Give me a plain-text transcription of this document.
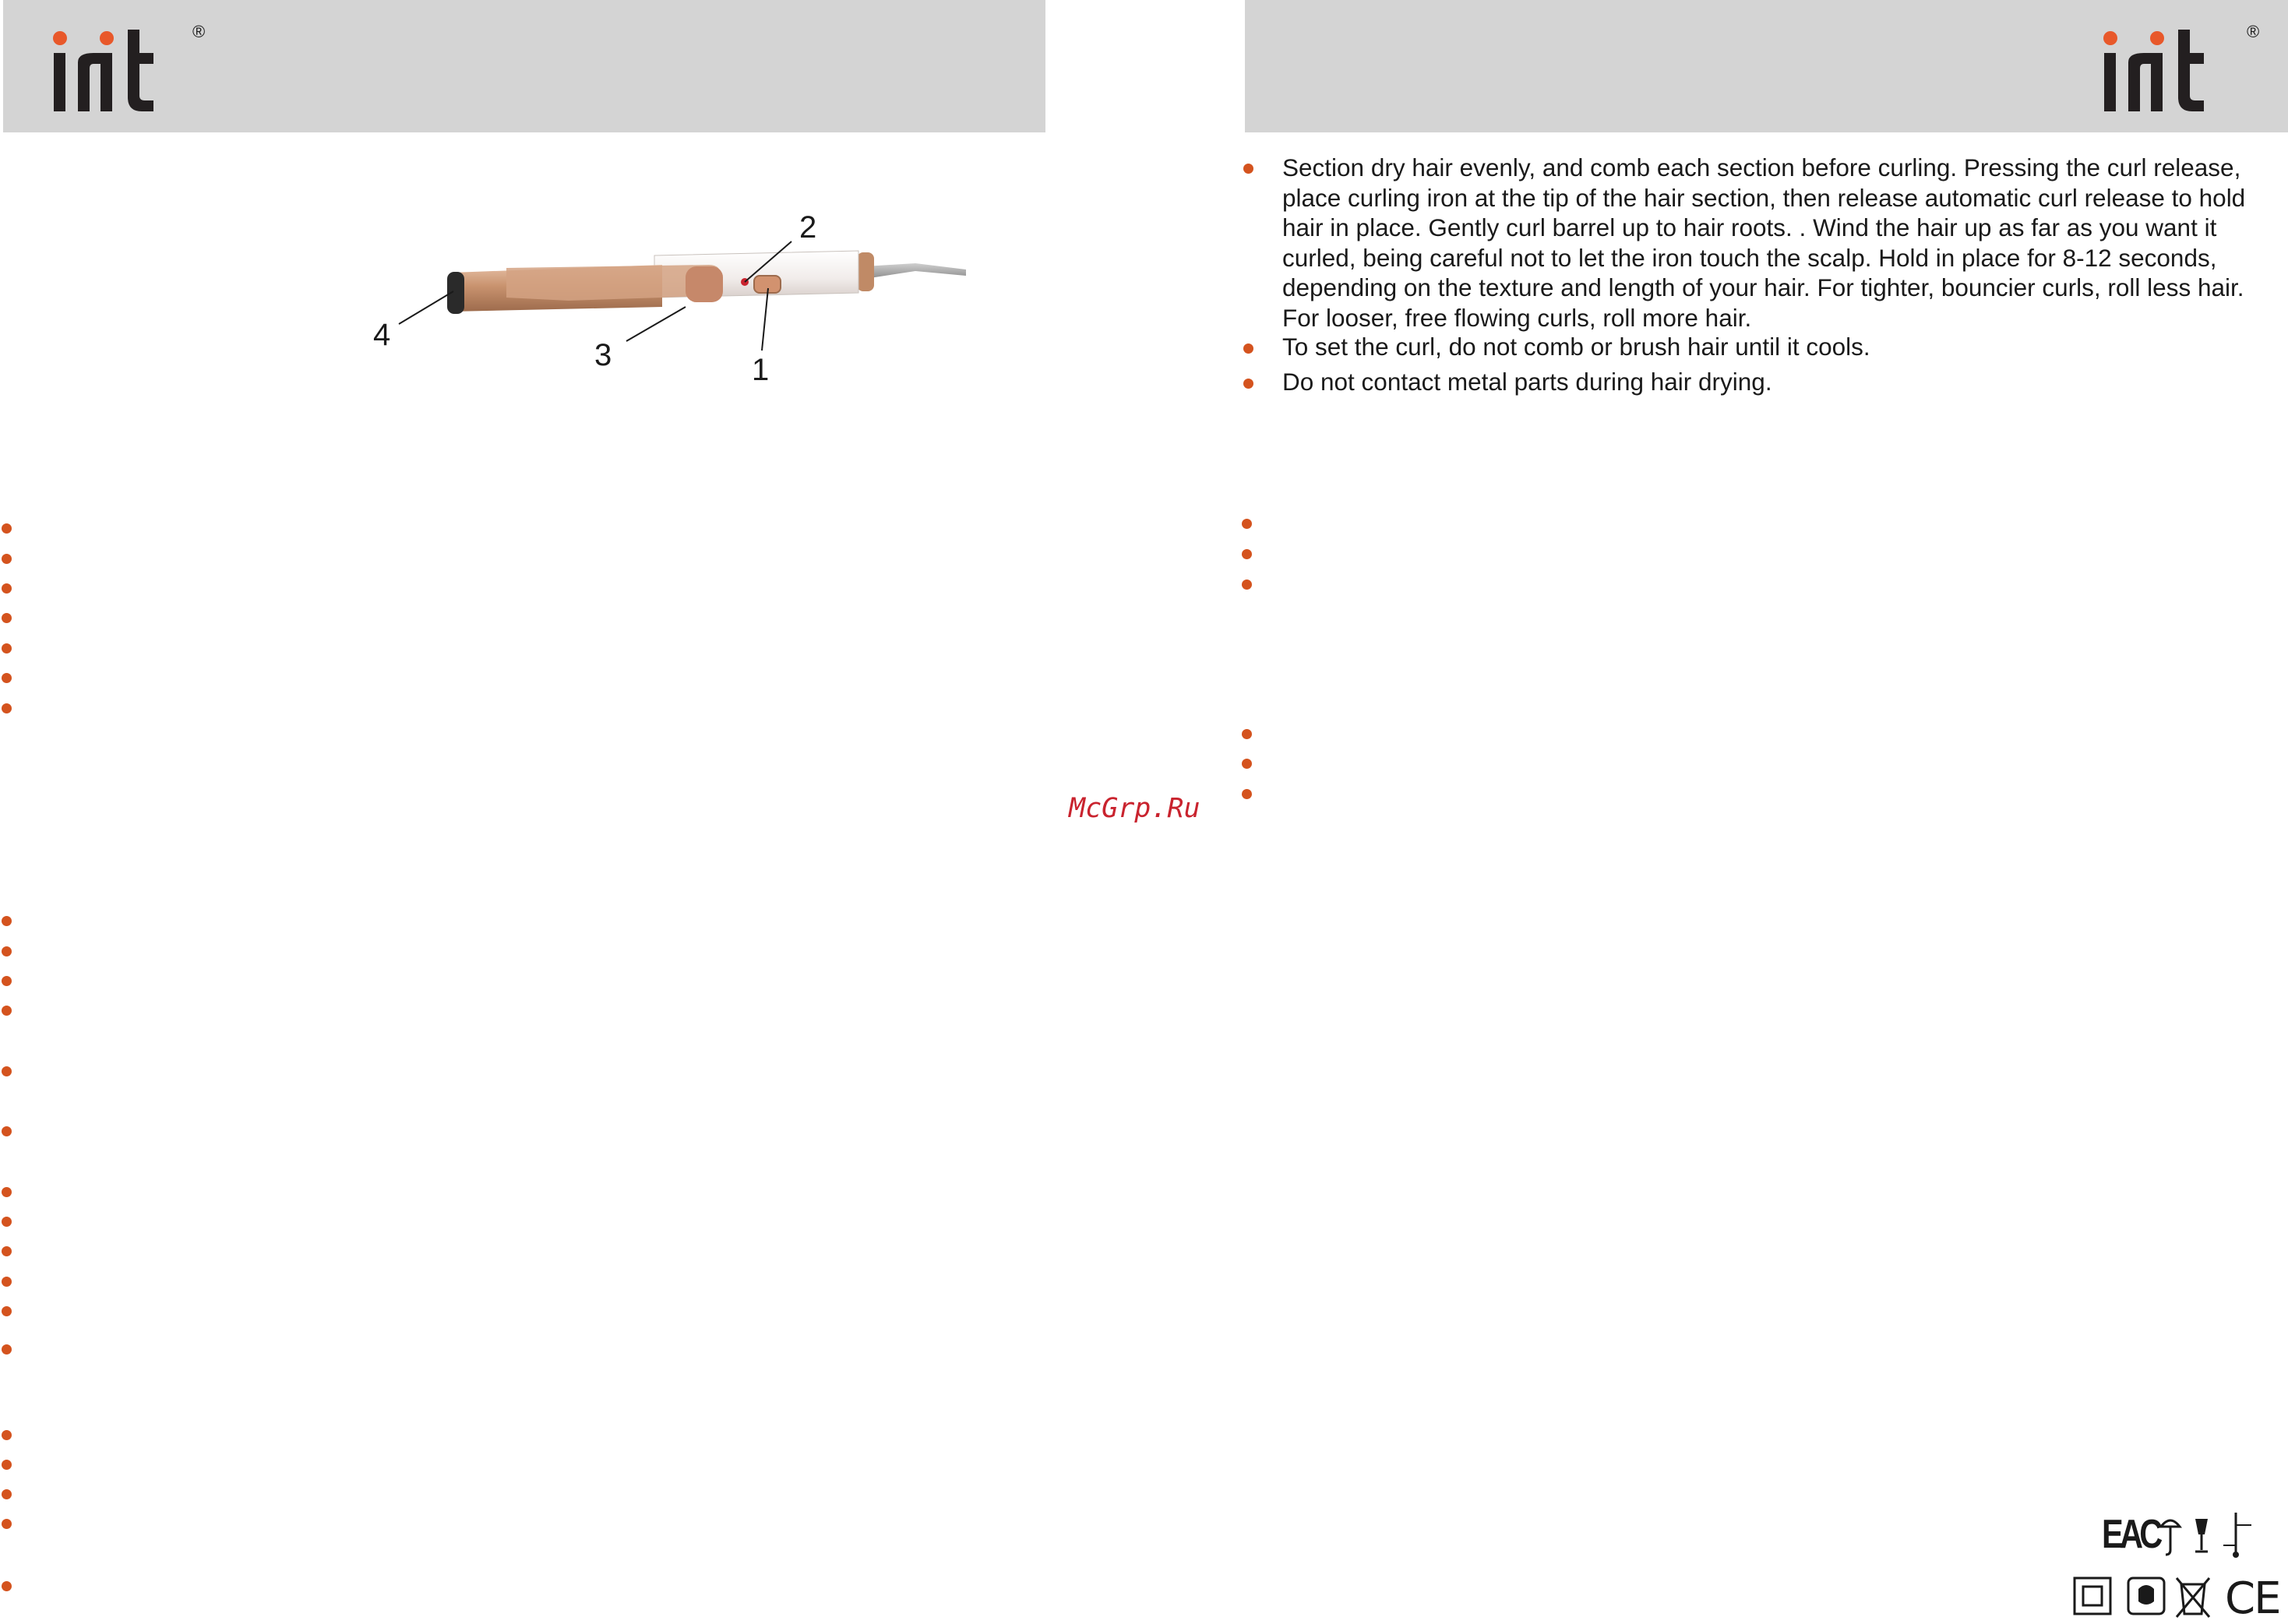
®	®
1
2
3
4
McGrp.Ru
Section dry hair evenly, and comb each section before curling. Pressing the curl release, place curling iron at the tip of the hair section, then release automatic curl release to hold hair in place. Gently curl barrel up to hair roots. . Wind the hair up as far as you want it curled, being careful not to let the iron touch the scalp. Hold in place for 8-12 seconds, depending on the texture and length of your hair. For tighter, bouncier curls, roll less hair. For looser, free flowing curls, roll more hair.
To set the curl, do not comb or brush hair until it cools.
Do not contact metal parts during hair drying.
EAC
CE
